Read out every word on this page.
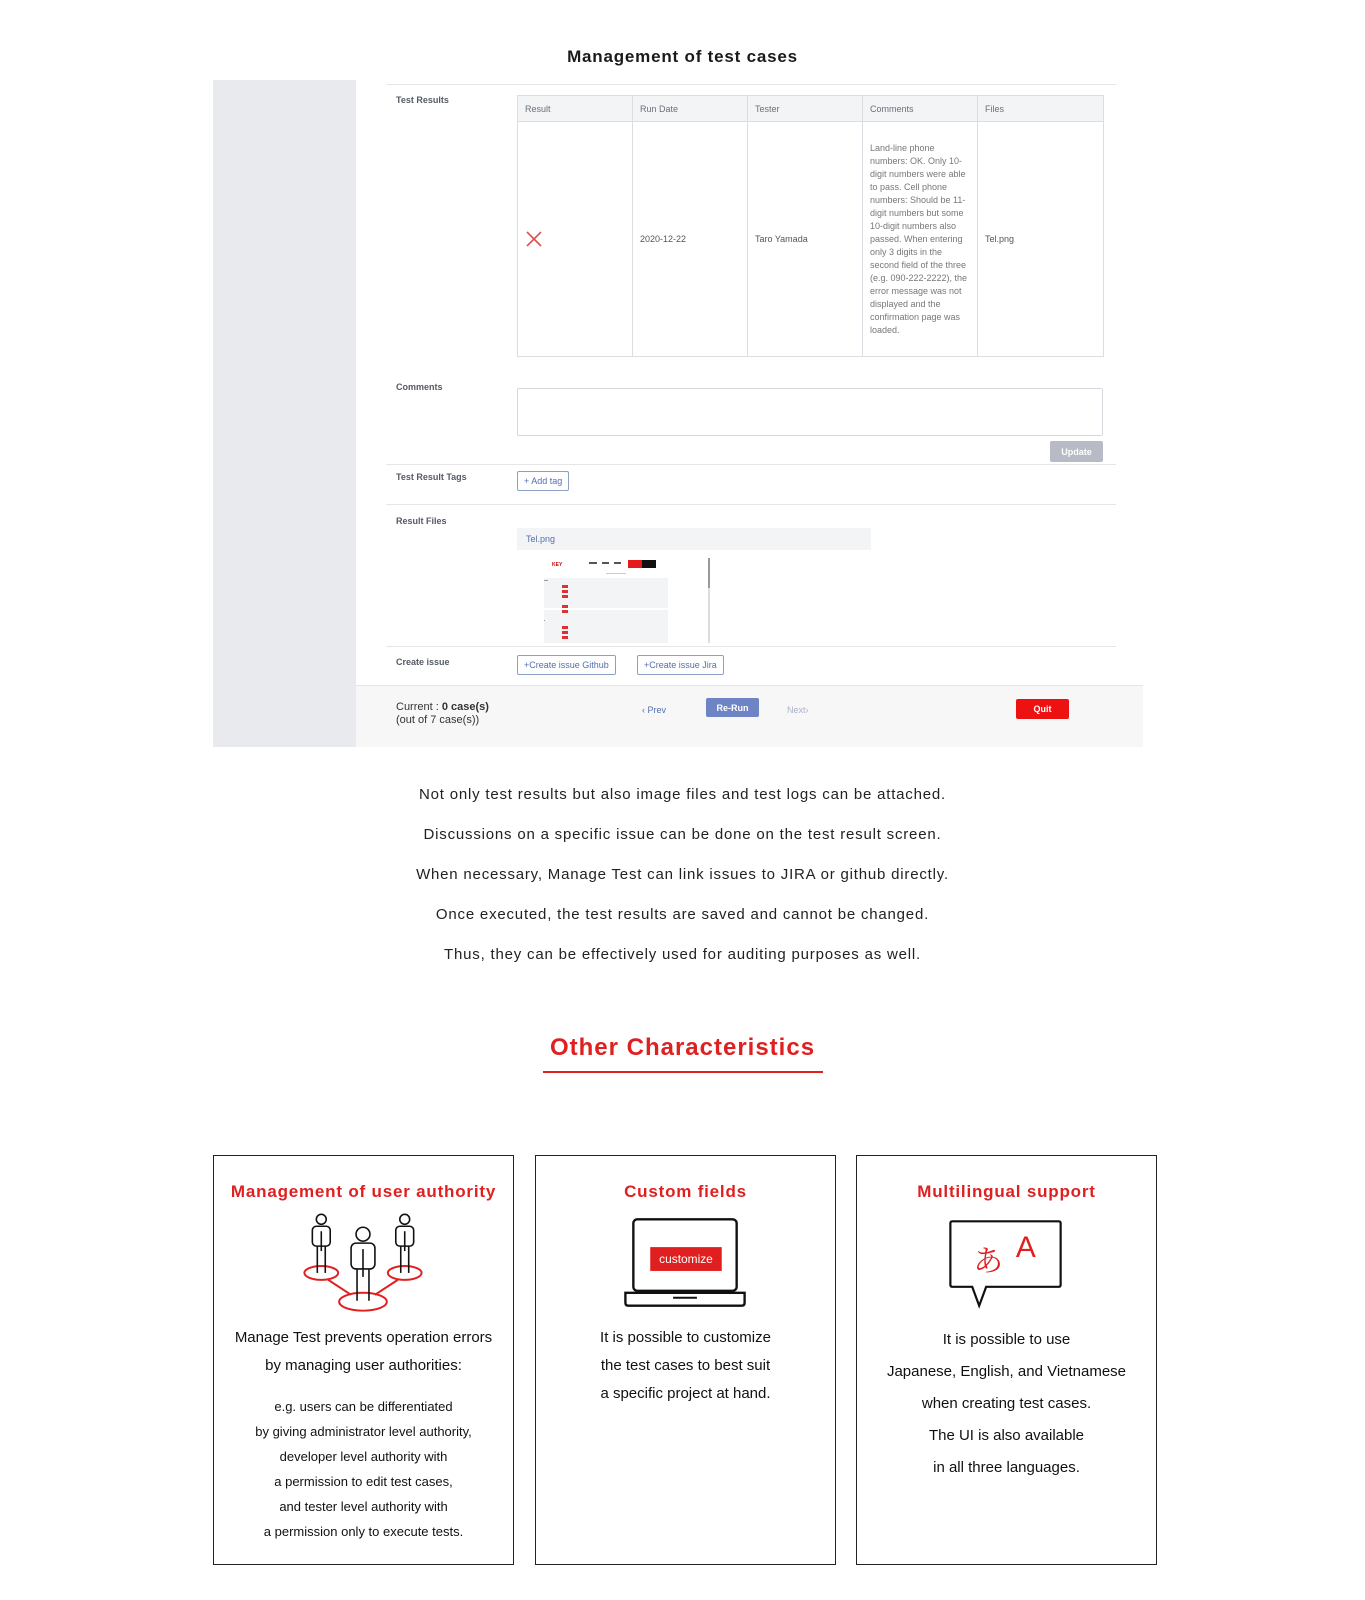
Management of test cases
Test Results
Result	Run Date	Tester	Comments	Files

	2020-12-22	Taro Yamada	Land-line phone numbers: OK. Only 10-digit numbers were able to pass. Cell phone numbers: Should be 11-digit numbers but some 10-digit numbers also passed. When entering only 3 digits in the second field of the three (e.g. 090-222-2222), the error message was not displayed and the confirmation page was loaded.	Tel.png
Comments
Update
Test Result Tags	+ Add tag
Result Files
Tel.png
KEY
Create issue	+Create issue Github	+Create issue Jira
Current : 0 case(s)
(out of 7 case(s))
‹ Prev	Re-Run	Next›	Quit

Not only test results but also image files and test logs can be attached.

Discussions on a specific issue can be done on the test result screen.

When necessary, Manage Test can link issues to JIRA or github directly.

Once executed, the test results are saved and cannot be changed.

Thus, they can be effectively used for auditing purposes as well.

Other Characteristics
Management of user authority
Manage Test prevents operation errors
by managing user authorities:
e.g. users can be differentiated
by giving administrator level authority,
developer level authority with
a permission to edit test cases,
and tester level authority with
a permission only to execute tests.
Custom fields
customize
It is possible to customize
the test cases to best suit
a specific project at hand.
Multilingual support
あ A
It is possible to use
Japanese, English, and Vietnamese
when creating test cases.
The UI is also available
in all three languages.
